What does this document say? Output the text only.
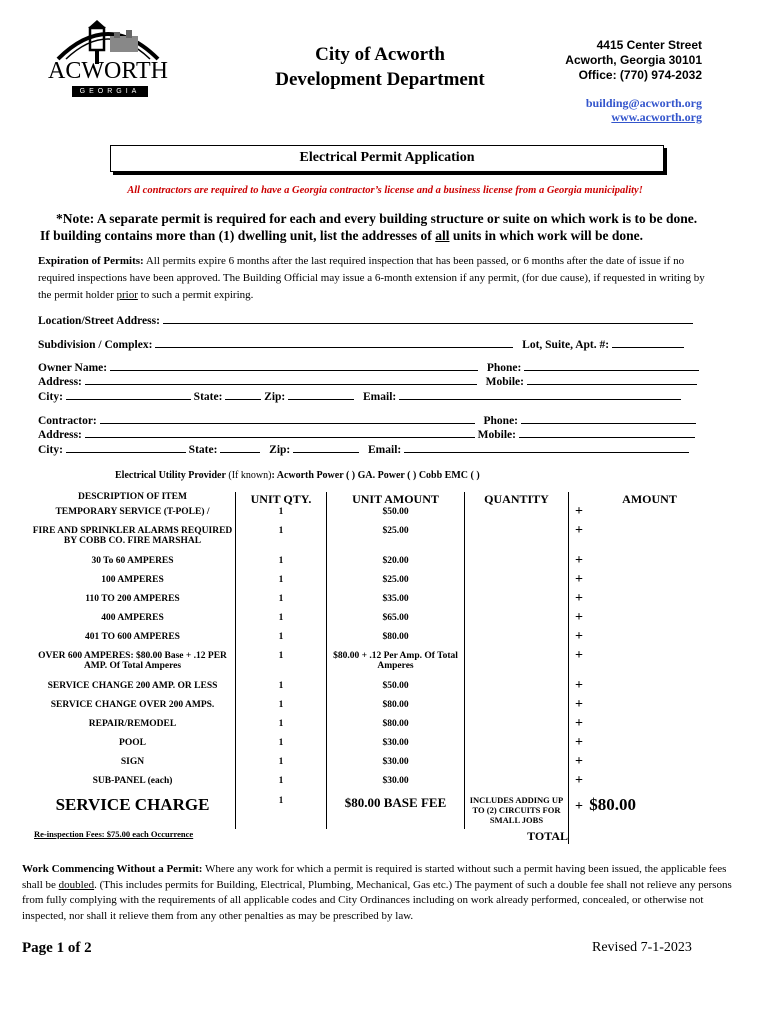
ACWORTH
GEORGIA
City of Acworth
Development Department
4415 Center Street
Acworth, Georgia 30101
Office: (770) 974-2032
building@acworth.org
www.acworth.org
Electrical Permit Application
All contractors are required to have a Georgia contractor’s license and a business license from a Georgia municipality!
*Note: A separate permit is required for each and every building structure or suite on which work is to be done.
If building contains more than (1) dwelling unit, list the addresses of all units in which work will be done.
Expiration of Permits: All permits expire 6 months after the last required inspection that has been passed, or 6 months after the date of issue if no required inspections have been approved. The Building Official may issue a 6-month extension if any permit, (for due cause), if requested in writing by the permit holder prior to such a permit expiring.
Location/Street Address:
Subdivision / Complex:	Lot, Suite, Apt. #:
Owner Name:	Phone:
Address:	Mobile:
City:	State:	Zip:	Email:
Contractor:	Phone:
Address:	Mobile:
City:	State:	Zip:	Email:
Electrical Utility Provider (If known): Acworth Power ( ) GA. Power ( ) Cobb EMC ( )
DESCRIPTION OF ITEM	UNIT QTY.	UNIT AMOUNT	QUANTITY	AMOUNT
TEMPORARY SERVICE (T-POLE) /	1	$50.00		+
FIRE AND SPRINKLER ALARMS REQUIRED BY COBB CO. FIRE MARSHAL	1	$25.00		+
30 To 60 AMPERES	1	$20.00		+
100 AMPERES	1	$25.00		+
110 TO 200 AMPERES	1	$35.00		+
400 AMPERES	1	$65.00		+
401 TO 600 AMPERES	1	$80.00		+
OVER 600 AMPERES: $80.00 Base + .12 PER AMP. Of Total Amperes	1	$80.00 + .12 Per Amp. Of Total Amperes		+
SERVICE CHANGE 200 AMP. OR LESS	1	$50.00		+
SERVICE CHANGE OVER 200 AMPS.	1	$80.00		+
REPAIR/REMODEL	1	$80.00		+
POOL	1	$30.00		+
SIGN	1	$30.00		+
SUB-PANEL (each)	1	$30.00		+
SERVICE CHARGE	1	$80.00 BASE FEE	INCLUDES ADDING UP TO (2) CIRCUITS FOR SMALL JOBS	+ $80.00
Re-inspection Fees: $75.00 each Occurrence			TOTAL	
Work Commencing Without a Permit: Where any work for which a permit is required is started without such a permit having been issued, the applicable fees shall be doubled. (This includes permits for Building, Electrical, Plumbing, Mechanical, Gas etc.) The payment of such a double fee shall not relieve any persons from fully complying with the requirements of all applicable codes and City Ordinances including on work already performed, concealed, or otherwise not inspected, nor shall it relieve them from any other penalties as may be prescribed by law.
Page 1 of 2	Revised 7-1-2023
